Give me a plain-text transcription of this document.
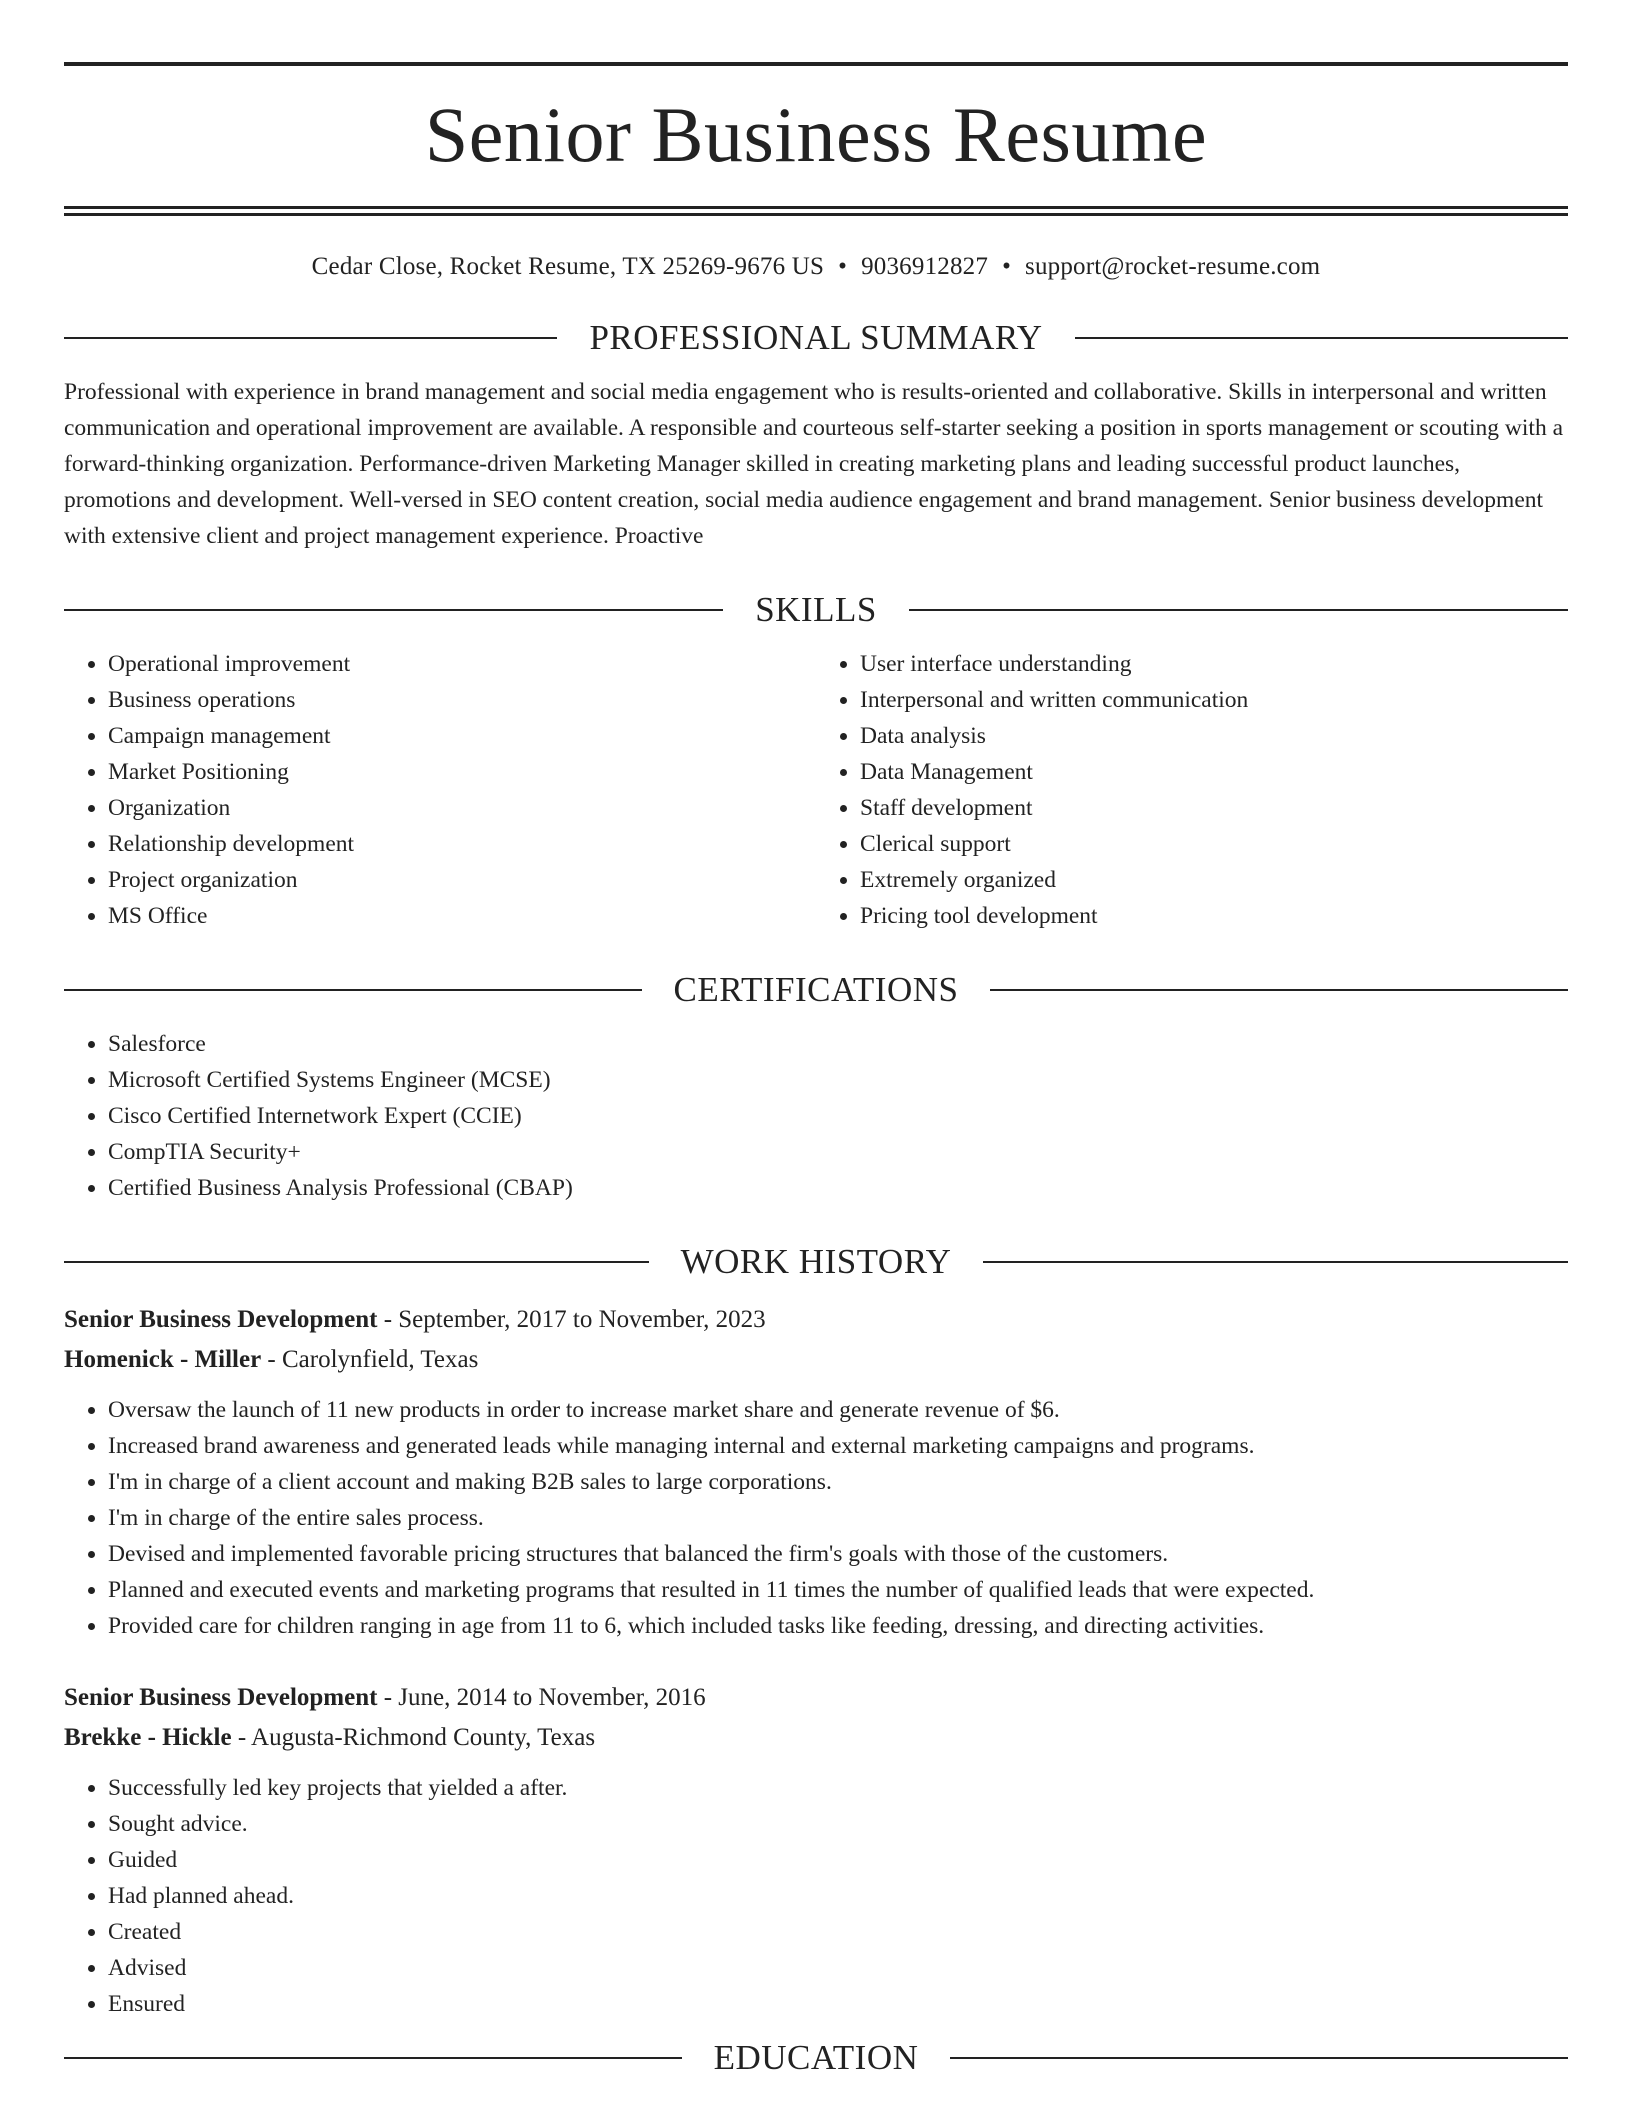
Senior Business Resume
Cedar Close, Rocket Resume, TX 25269-9676 US • 9036912827 • support@rocket-resume.com
PROFESSIONAL SUMMARY
Professional with experience in brand management and social media engagement who is results-oriented and collaborative. Skills in interpersonal and written communication and operational improvement are available. A responsible and courteous self-starter seeking a position in sports management or scouting with a forward-thinking organization. Performance-driven Marketing Manager skilled in creating marketing plans and leading successful product launches, promotions and development. Well-versed in SEO content creation, social media audience engagement and brand management. Senior business development with extensive client and project management experience. Proactive
SKILLS
• Operational improvement
• Business operations
• Campaign management
• Market Positioning
• Organization
• Relationship development
• Project organization
• MS Office
• User interface understanding
• Interpersonal and written communication
• Data analysis
• Data Management
• Staff development
• Clerical support
• Extremely organized
• Pricing tool development
CERTIFICATIONS
• Salesforce
• Microsoft Certified Systems Engineer (MCSE)
• Cisco Certified Internetwork Expert (CCIE)
• CompTIA Security+
• Certified Business Analysis Professional (CBAP)
WORK HISTORY
Senior Business Development - September, 2017 to November, 2023
Homenick - Miller - Carolynfield, Texas
• Oversaw the launch of 11 new products in order to increase market share and generate revenue of $6.
• Increased brand awareness and generated leads while managing internal and external marketing campaigns and programs.
• I'm in charge of a client account and making B2B sales to large corporations.
• I'm in charge of the entire sales process.
• Devised and implemented favorable pricing structures that balanced the firm's goals with those of the customers.
• Planned and executed events and marketing programs that resulted in 11 times the number of qualified leads that were expected.
• Provided care for children ranging in age from 11 to 6, which included tasks like feeding, dressing, and directing activities.
Senior Business Development - June, 2014 to November, 2016
Brekke - Hickle - Augusta-Richmond County, Texas
• Successfully led key projects that yielded a after.
• Sought advice.
• Guided
• Had planned ahead.
• Created
• Advised
• Ensured
EDUCATION
